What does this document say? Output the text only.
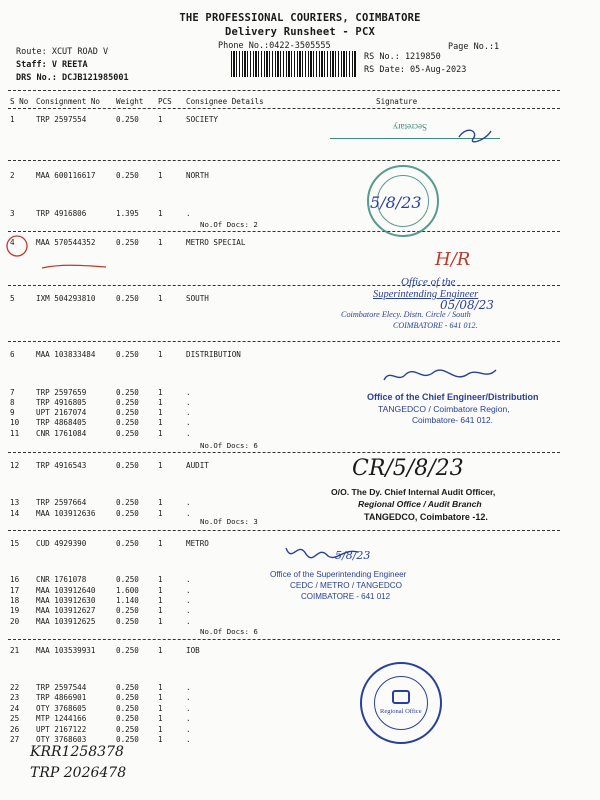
THE PROFESSIONAL COURIERS, COIMBATORE
Delivery Runsheet - PCX
Phone No.:0422-3505555	Page No.:1
Route: XCUT ROAD V
Staff: V REETA
DRS No.: DCJB121985001
RS No.: 1219850
RS Date: 05-Aug-2023
S No Consignment No Weight PCS Consignee Details	Signature
1	TRP 2597554	0.250	1	SOCIETY
2	MAA 600116617	0.250	1	NORTH
3	TRP 4916806	1.395	1	.
No.Of Docs: 2
4	MAA 570544352	0.250	1	METRO SPECIAL
5	IXM 504293810	0.250	1	SOUTH
6	MAA 103833484	0.250	1	DISTRIBUTION
7	TRP 2597659	0.250	1	.
8	TRP 4916805	0.250	1	.
9	UPT 2167074	0.250	1	.
10 TRP 4868405	0.250	1	.
11 CNR 1761084	0.250	1	.
No.Of Docs: 6
12 TRP 4916543	0.250	1	AUDIT
13 TRP 2597664	0.250	1	.
14 MAA 103912636	0.250	1	.
No.Of Docs: 3
15 CUD 4929390	0.250	1	METRO
16 CNR 1761078	0.250	1	.
17 MAA 103912640	1.600	1	.
18 MAA 103912630	1.140	1	.
19 MAA 103912627	0.250	1	.
20 MAA 103912625	0.250	1	.
No.Of Docs: 6
21 MAA 103539931	0.250	1	IOB
22 TRP 2597544	0.250	1	.
23 TRP 4866901	0.250	1	.
24 OTY 3768605	0.250	1	.
25 MTP 1244166	0.250	1	.
26 UPT 2167122	0.250	1	.
27 OTY 3768603	0.250	1	.
Secretary
5/8/23
H/R
Office of the
Superintending Engineer
05/08/23
Coimbatore Elecy. Distn. Circle / South
COIMBATORE - 641 012.
Office of the Chief Engineer/Distribution
TANGEDCO / Coimbatore Region,
Coimbatore- 641 012.
CR/5/8/23
O/O. The Dy. Chief Internal Audit Officer,
Regional Office / Audit Branch
TANGEDCO, Coimbatore -12.
5/8/23
Office of the Superintending Engineer
CEDC / METRO / TANGEDCO
COIMBATORE - 641 012
Regional Office
KRR1258378
TRP 2026478
